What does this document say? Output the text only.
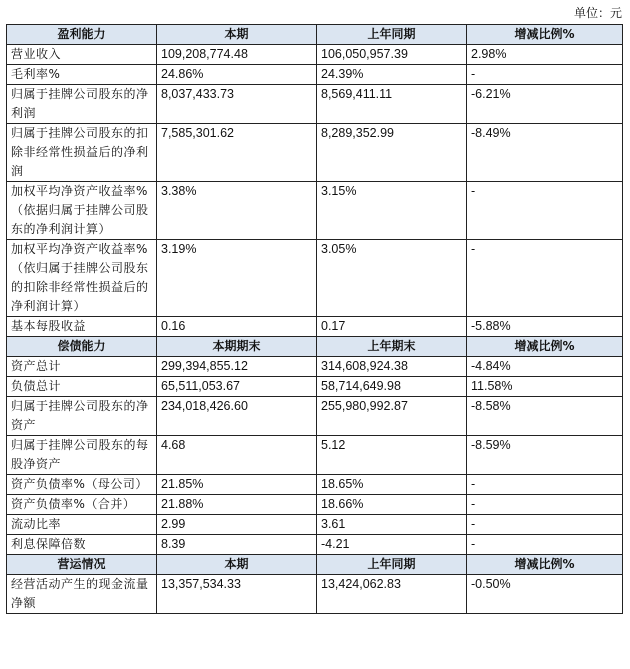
单位：元
盈利能力	本期	上年同期	增减比例%
营业收入	109,208,774.48	106,050,957.39	2.98%
毛利率%	24.86%	24.39%	-
归属于挂牌公司股东的净利润	8,037,433.73	8,569,411.11	-6.21%
归属于挂牌公司股东的扣除非经常性损益后的净利润	7,585,301.62	8,289,352.99	-8.49%
加权平均净资产收益率%（依据归属于挂牌公司股东的净利润计算）	3.38%	3.15%	-
加权平均净资产收益率%（依归属于挂牌公司股东的扣除非经常性损益后的净利润计算）	3.19%	3.05%	-
基本每股收益	0.16	0.17	-5.88%
偿债能力	本期期末	上年期末	增减比例%
资产总计	299,394,855.12	314,608,924.38	-4.84%
负债总计	65,511,053.67	58,714,649.98	11.58%
归属于挂牌公司股东的净资产	234,018,426.60	255,980,992.87	-8.58%
归属于挂牌公司股东的每股净资产	4.68	5.12	-8.59%
资产负债率%（母公司）	21.85%	18.65%	-
资产负债率%（合并）	21.88%	18.66%	-
流动比率	2.99	3.61	-
利息保障倍数	8.39	-4.21	-
营运情况	本期	上年同期	增减比例%
经营活动产生的现金流量净额	13,357,534.33	13,424,062.83	-0.50%
